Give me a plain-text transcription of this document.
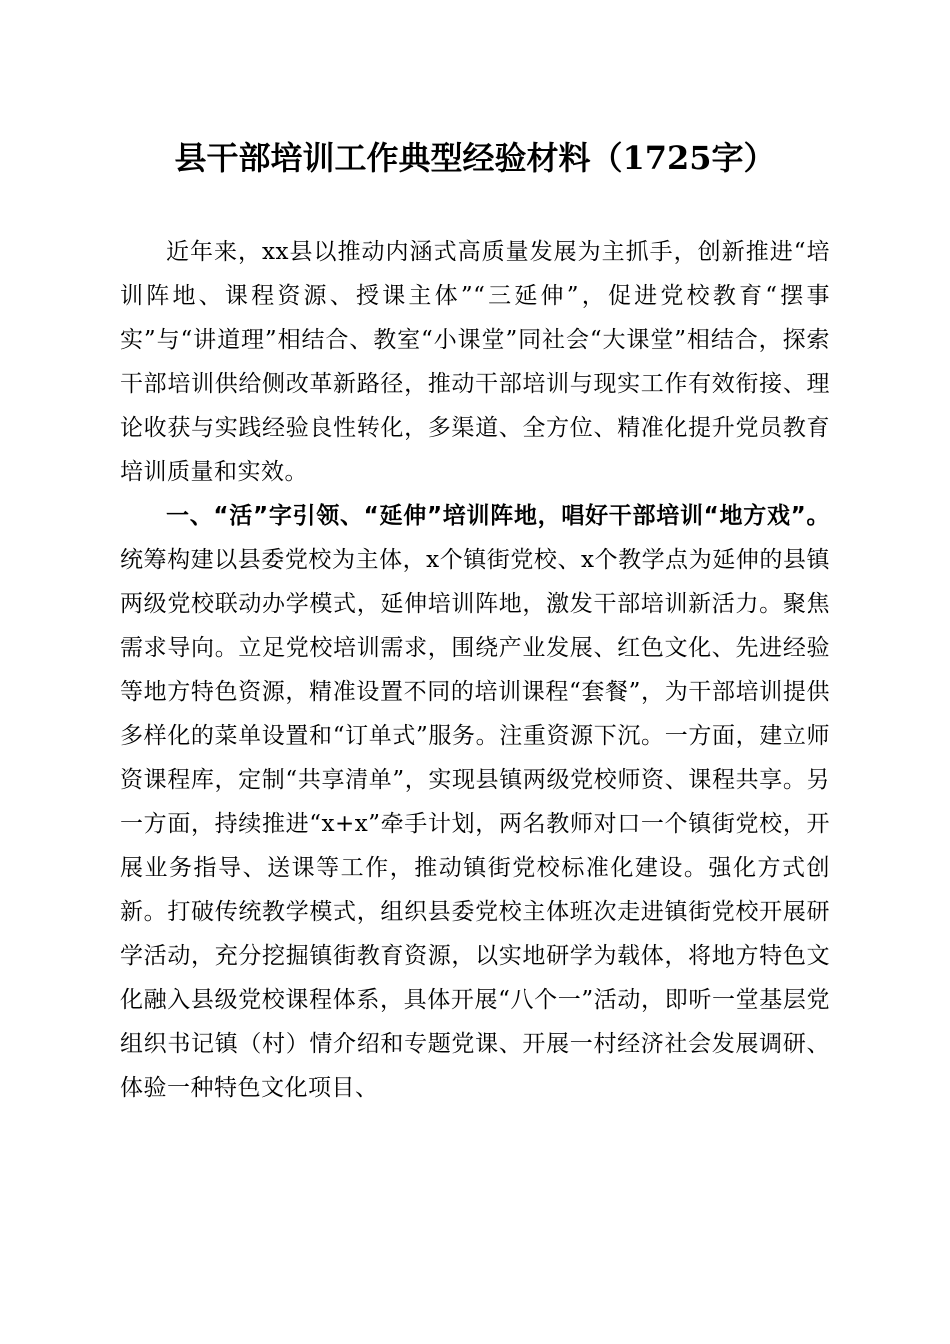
县干部培训工作典型经验材料（1725字）

近年来，xx县以推动内涵式高质量发展为主抓手，创新推进“培训阵地、课程资源、授课主体”“三延伸”，促进党校教育“摆事实”与“讲道理”相结合、教室“小课堂”同社会“大课堂”相结合，探索干部培训供给侧改革新路径，推动干部培训与现实工作有效衔接、理论收获与实践经验良性转化，多渠道、全方位、精准化提升党员教育培训质量和实效。

一、“活”字引领、“延伸”培训阵地，唱好干部培训“地方戏”。统筹构建以县委党校为主体，x个镇街党校、x个教学点为延伸的县镇两级党校联动办学模式，延伸培训阵地，激发干部培训新活力。聚焦需求导向。立足党校培训需求，围绕产业发展、红色文化、先进经验等地方特色资源，精准设置不同的培训课程“套餐”，为干部培训提供多样化的菜单设置和“订单式”服务。注重资源下沉。一方面，建立师资课程库，定制“共享清单”，实现县镇两级党校师资、课程共享。另一方面，持续推进“x+x”牵手计划，两名教师对口一个镇街党校，开展业务指导、送课等工作，推动镇街党校标准化建设。强化方式创新。打破传统教学模式，组织县委党校主体班次走进镇街党校开展研学活动，充分挖掘镇街教育资源，以实地研学为载体，将地方特色文化融入县级党校课程体系，具体开展“八个一”活动，即听一堂基层党组织书记镇（村）情介绍和专题党课、开展一村经济社会发展调研、体验一种特色文化项目、
